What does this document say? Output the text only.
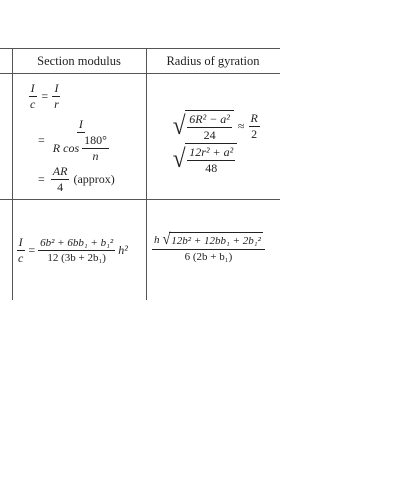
Section modulus	Radius of gyration
$\frac{I}{c} = \frac{I}{r}$
= $\frac{I}{R \cos \frac{180^\circ}{n}}$
= $\frac{AR}{4}$ (approx)
√ $\frac{\text{6R² − a²}}{24} \approx \frac{R}{2}$
√ $\frac{\text{12r² + a²}}{48}$
$\frac{I}{c} = \frac{\text{6b² + 6bb₁ + b₁²}}{\text{12 (3b + 2b₁)}} h^2 \frac{\text{h √ 12b² + 12bb₁ + 2b₁²}}{\text{6 (2b + b₁)}}$
